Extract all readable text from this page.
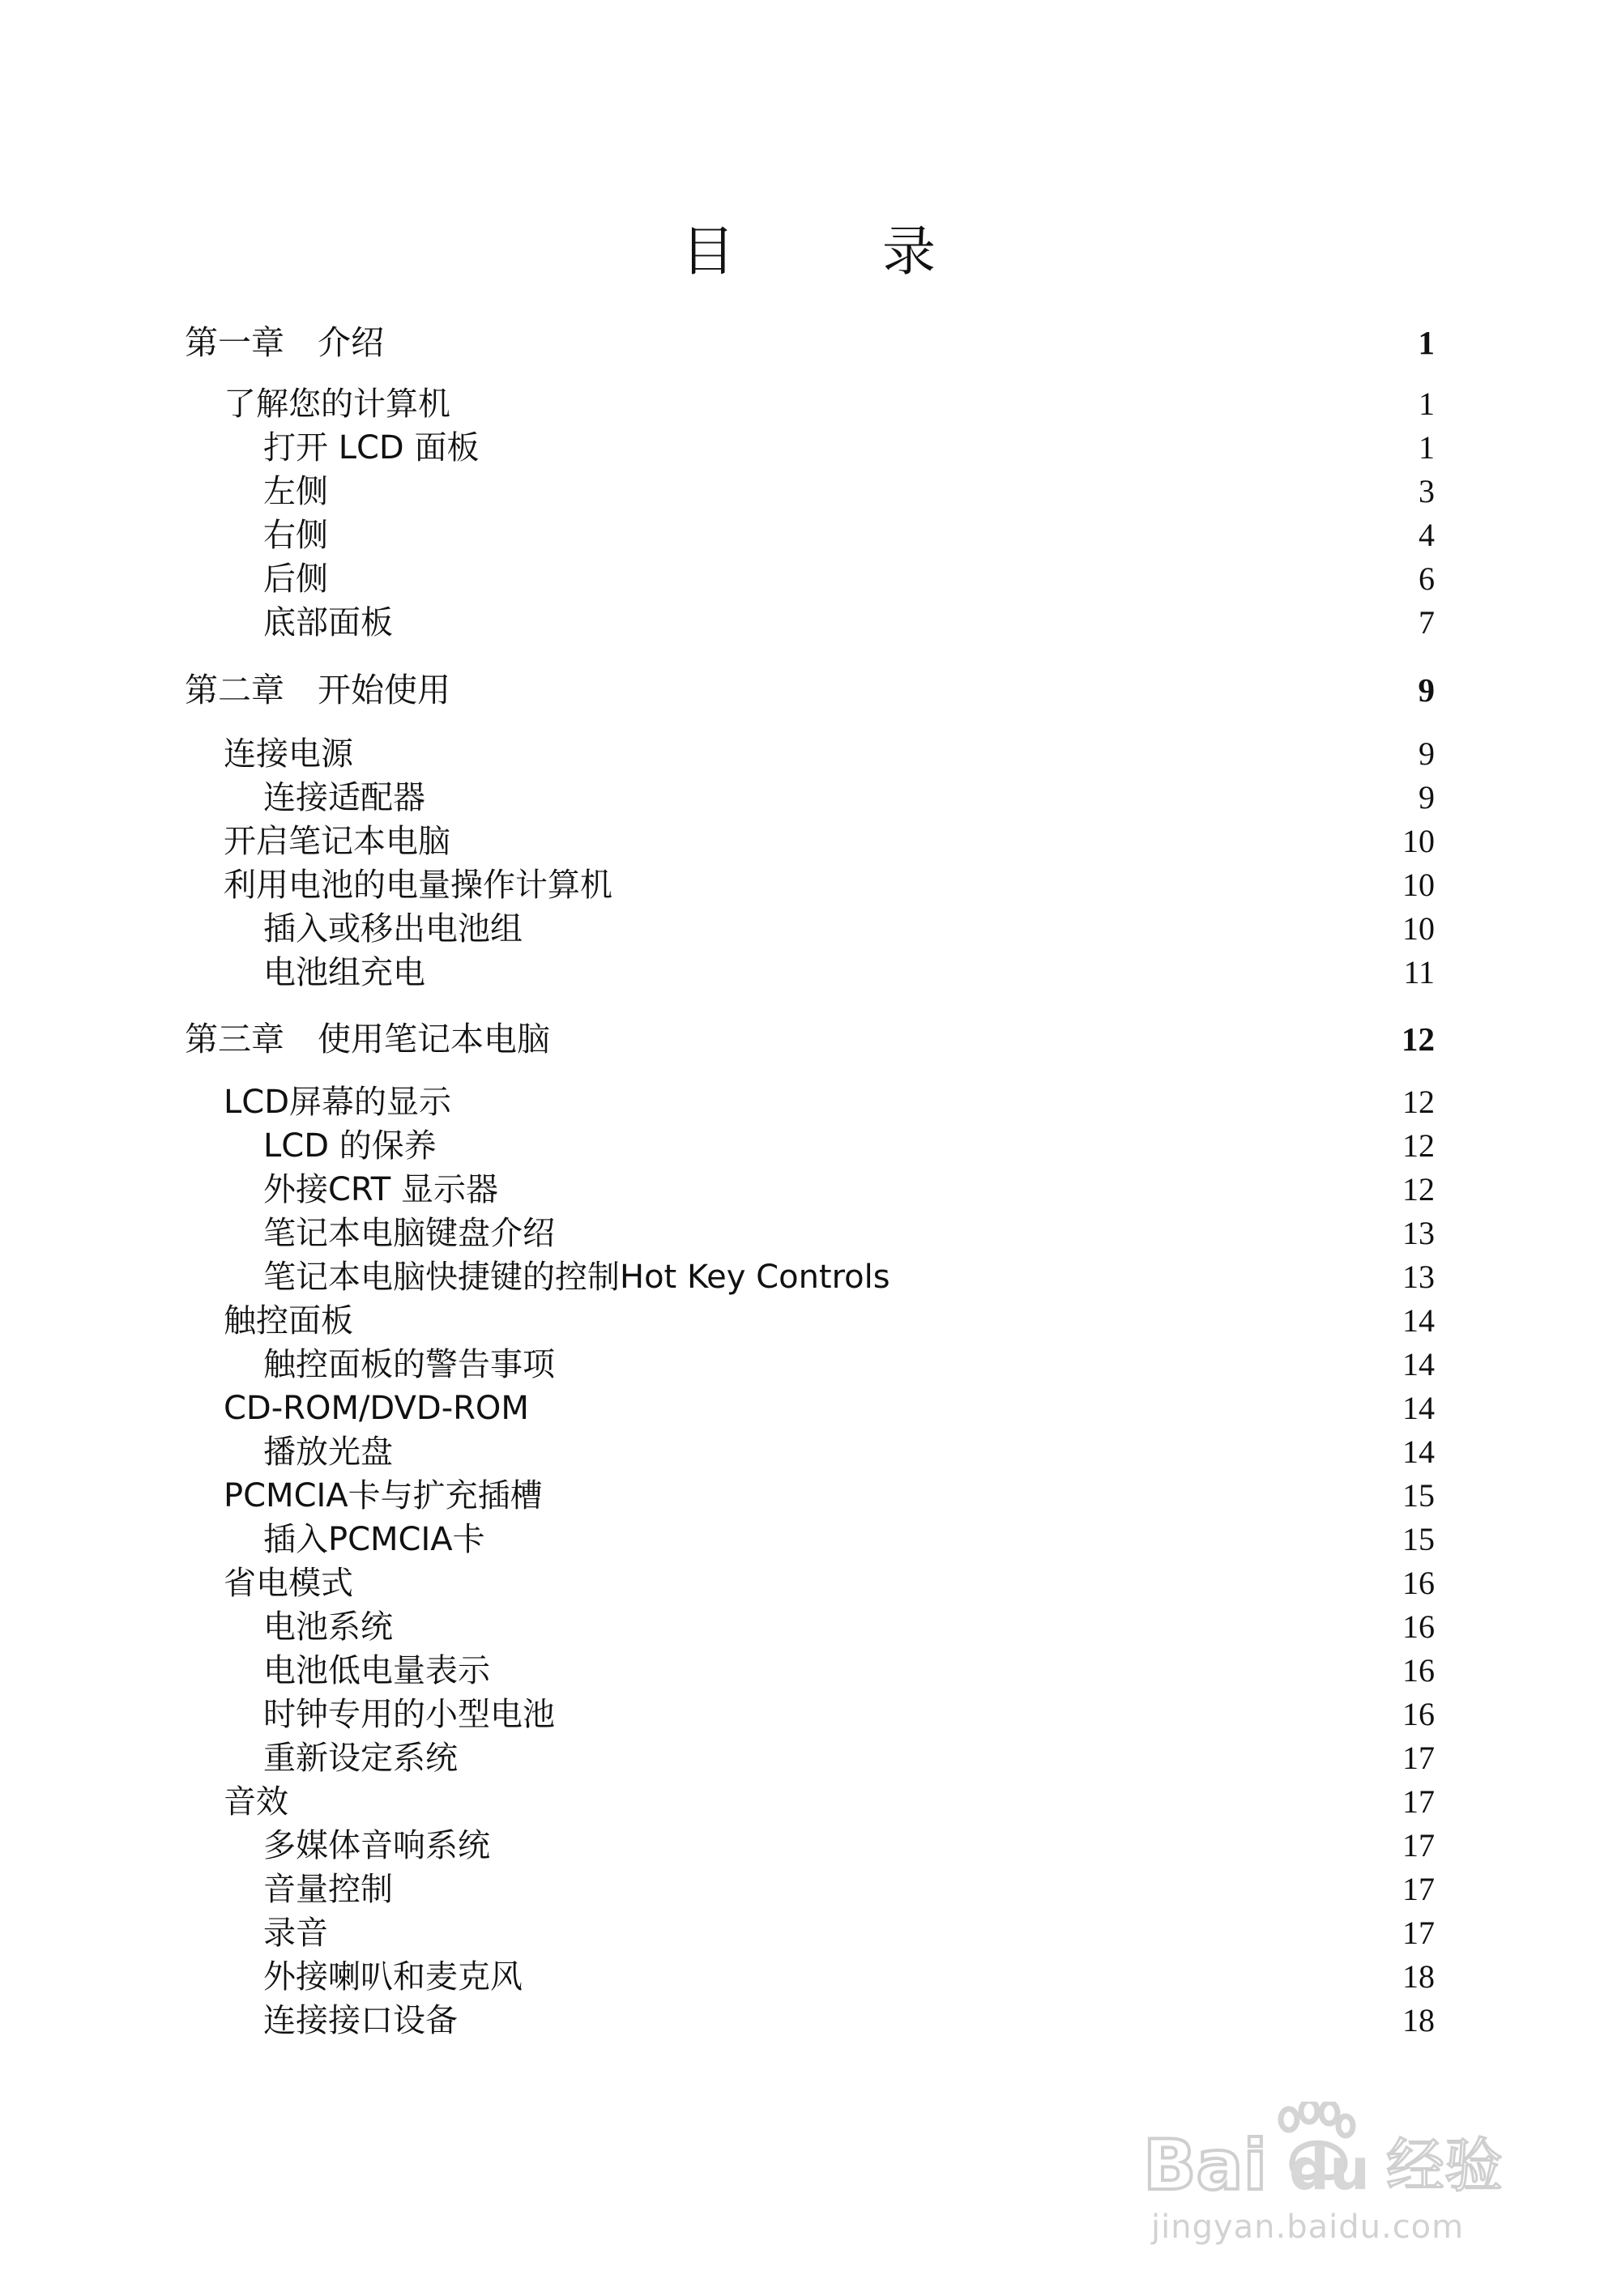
目　录
第一章　介绍	1
了解您的计算机	1
打开 LCD 面板	1
左侧	3
右侧	4
后侧	6
底部面板	7
第二章　开始使用	9
连接电源	9
连接适配器	9
开启笔记本电脑	10
利用电池的电量操作计算机	10
插入或移出电池组	10
电池组充电	11
第三章　使用笔记本电脑	12
LCD屏幕的显示	12
LCD 的保养	12
外接CRT 显示器	12
笔记本电脑键盘介绍	13
笔记本电脑快捷键的控制Hot Key Controls	13
触控面板	14
触控面板的警告事项	14
CD-ROM/DVD-ROM	14
播放光盘	14
PCMCIA卡与扩充插槽	15
插入PCMCIA卡	15
省电模式	16
电池系统	16
电池低电量表示	16
时钟专用的小型电池	16
重新设定系统	17
音效	17
多媒体音响系统	17
音量控制	17
录音	17
外接喇叭和麦克风	18
连接接口设备	18
Bai du 经验
jingyan.baidu.com
